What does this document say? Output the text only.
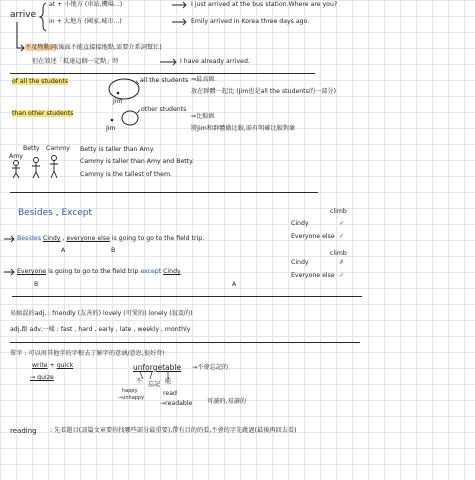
arrive
at + 小地方 (車站,機場...)	I just arrived at the bus station.Where are you?
in + 大地方 (國家,城市...)	Emily arrived in Korea three days ago.
不及物動詞(後面不能直接接地點,需要介系詞幫忙)
但在敘述「抵達這個一定點」時	I have already arrived.
of all the students	all the students
Jim
⇒最高級
放在群體一起比 (Jim也是all the students的一部分)
than other students
other students
Jim
⇒比較級
將Jim和群體做比較,需有明確比較對象
Betty Cammy
Amy
Betty is taller than Amy.
Cammy is taller than Amy and Betty.
Cammy is the tallest of them.
Besides , Except	climb
Besides Cindy , everyone else is going to go to the field trip.
A	B
Cindy	✓
Everyone else ✓
climb
Cindy	✗
Everyone else ✓
Everyone is going to go to the field trip except Cindy
B	A
易搞混的adj. : friendly (友善的) lovely (可愛的) lonely (寂寞的)
adj.跟 adv.一樣 : fast , hard , early , late , weekly , monthly
單字 : 可以用其他字的字根去了解字的意涵/意思,很好背!
write + quick
→ quize
unforgetable →不會忘記的
不 忘記 能
happy
→unhappy
read
→readable 可讀的,易讀的
reading : 先看題目(該篇文章要你找哪些部分最重要),帶有目的的看,不會的字先跳過(最後再回去看)
